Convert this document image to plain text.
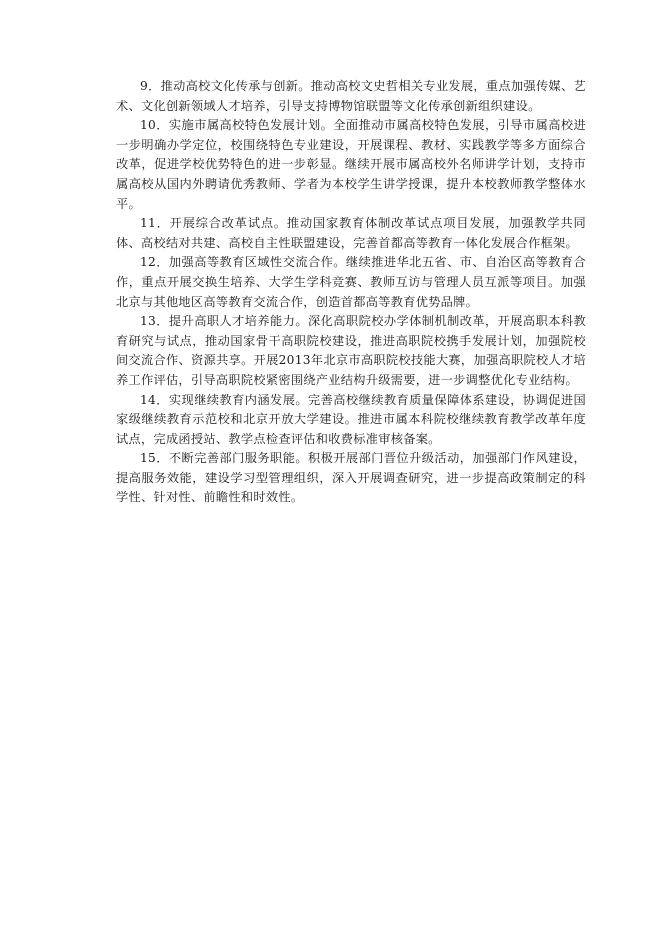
9．推动高校文化传承与创新。推动高校文史哲相关专业发展，重点加强传媒、艺术、文化创新领域人才培养，引导支持博物馆联盟等文化传承创新组织建设。

10．实施市属高校特色发展计划。全面推动市属高校特色发展，引导市属高校进一步明确办学定位，校围绕特色专业建设，开展课程、教材、实践教学等多方面综合改革，促进学校优势特色的进一步彰显。继续开展市属高校外名师讲学计划，支持市属高校从国内外聘请优秀教师、学者为本校学生讲学授课，提升本校教师教学整体水平。

11．开展综合改革试点。推动国家教育体制改革试点项目发展，加强教学共同体、高校结对共建、高校自主性联盟建设，完善首都高等教育一体化发展合作框架。

12．加强高等教育区域性交流合作。继续推进华北五省、市、自治区高等教育合作，重点开展交换生培养、大学生学科竞赛、教师互访与管理人员互派等项目。加强北京与其他地区高等教育交流合作，创造首都高等教育优势品牌。

13．提升高职人才培养能力。深化高职院校办学体制机制改革，开展高职本科教育研究与试点，推动国家骨干高职院校建设，推进高职院校携手发展计划，加强院校间交流合作、资源共享。开展2013年北京市高职院校技能大赛，加强高职院校人才培养工作评估，引导高职院校紧密围绕产业结构升级需要，进一步调整优化专业结构。

14．实现继续教育内涵发展。完善高校继续教育质量保障体系建设，协调促进国家级继续教育示范校和北京开放大学建设。推进市属本科院校继续教育教学改革年度试点，完成函授站、教学点检查评估和收费标准审核备案。

15．不断完善部门服务职能。积极开展部门晋位升级活动，加强部门作风建设，提高服务效能，建设学习型管理组织，深入开展调查研究，进一步提高政策制定的科学性、针对性、前瞻性和时效性。
